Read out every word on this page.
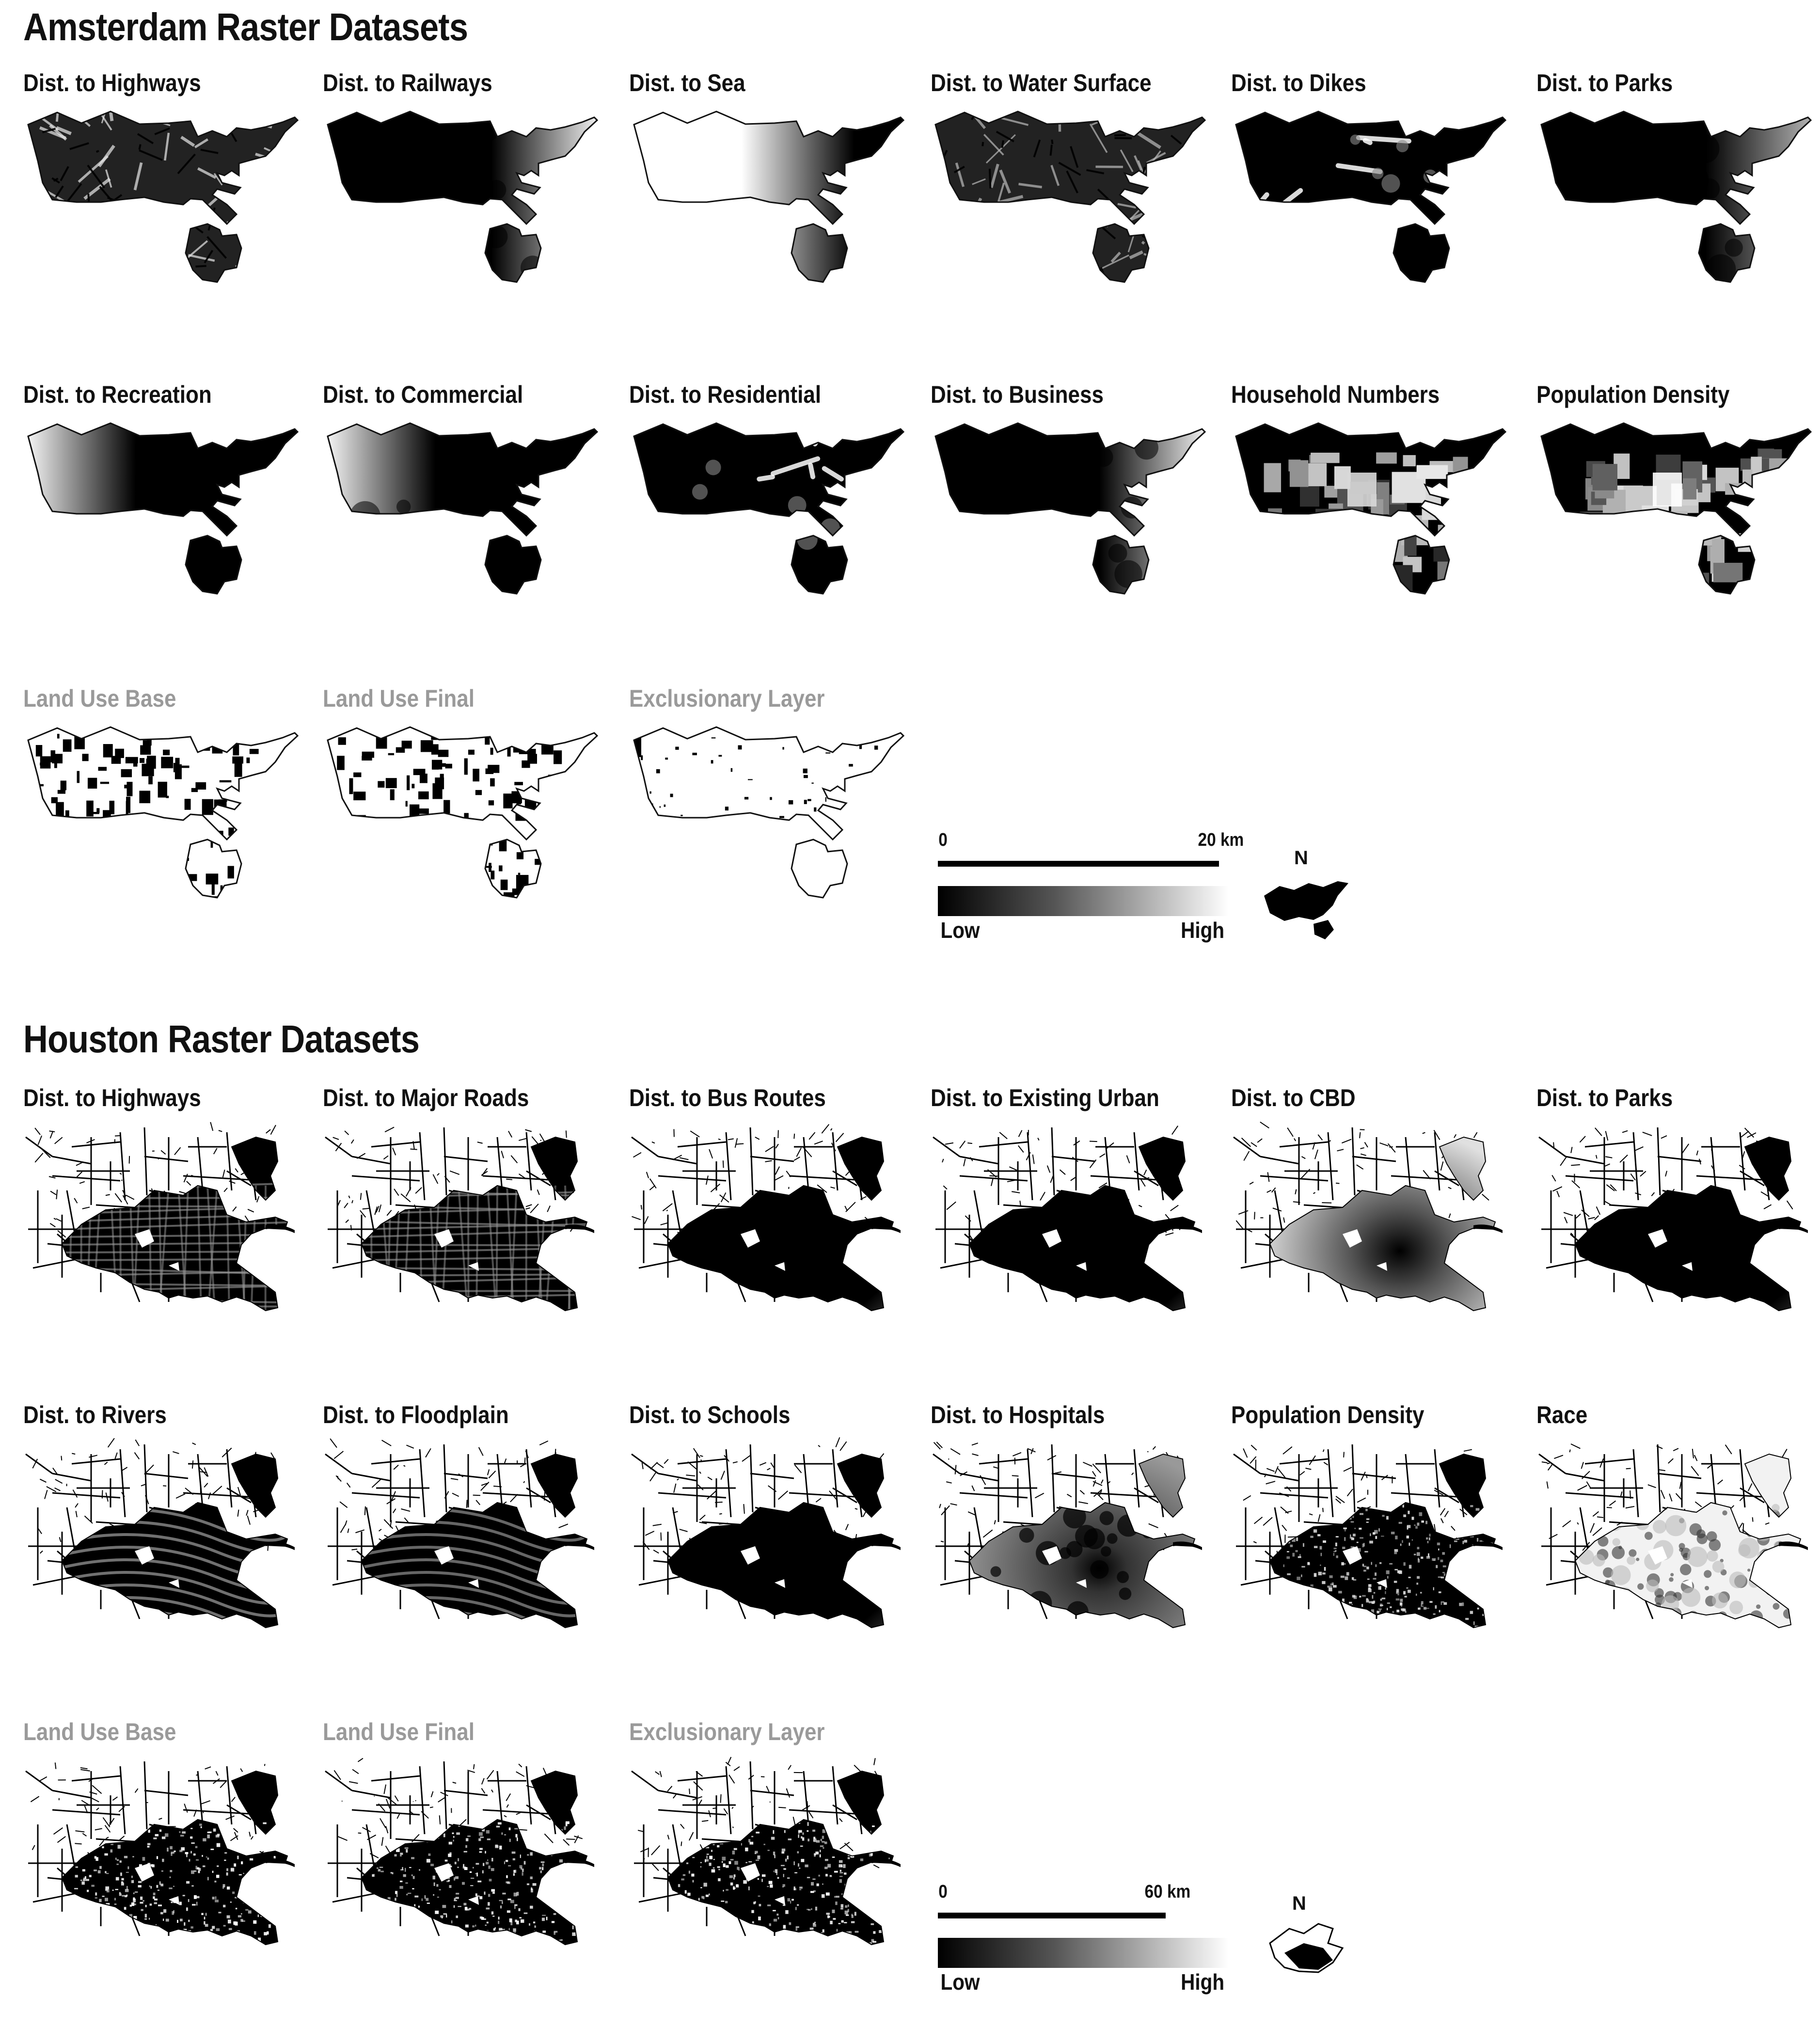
Amsterdam Raster Datasets
Dist. to Highways	Dist. to Railways	Dist. to Sea	Dist. to Water Surface	Dist. to Dikes	Dist. to Parks
Dist. to Recreation	Dist. to Commercial	Dist. to Residential	Dist. to Business	Household Numbers	Population Density
Land Use Base	Land Use Final	Exclusionary Layer
0	20 km
Low	High
N
Houston Raster Datasets
Dist. to Highways	Dist. to Major Roads	Dist. to Bus Routes	Dist. to Existing Urban	Dist. to CBD	Dist. to Parks
Dist. to Rivers	Dist. to Floodplain	Dist. to Schools	Dist. to Hospitals	Population Density	Race
Land Use Base	Land Use Final	Exclusionary Layer
0	60 km
Low	High
N
